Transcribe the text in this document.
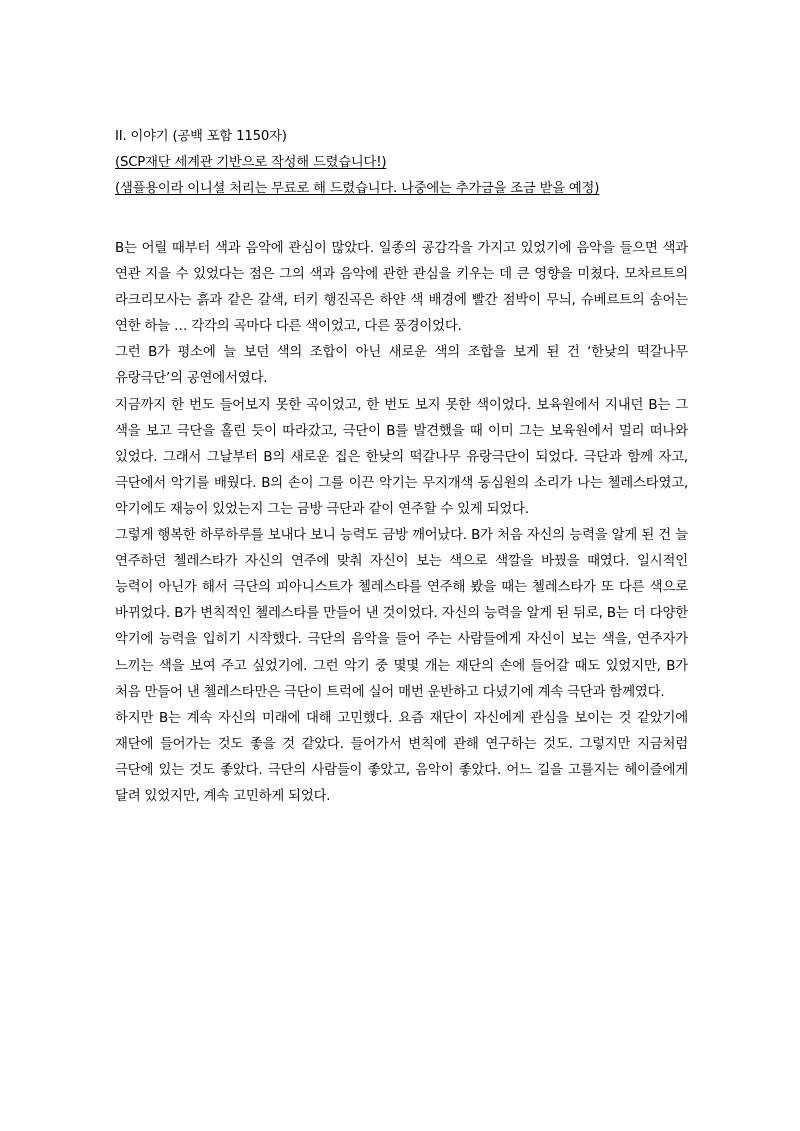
II. 이야기 (공백 포함 1150자)
(SCP재단 세계관 기반으로 작성해 드렸습니다!)
(샘플용이라 이니셜 처리는 무료로 해 드렸습니다. 나중에는 추가금을 조금 받을 예정)

B는 어릴 때부터 색과 음악에 관심이 많았다. 일종의 공감각을 가지고 있었기에 음악을 들으면 색과 연관 지을 수 있었다는 점은 그의 색과 음악에 관한 관심을 키우는 데 큰 영향을 미쳤다. 모차르트의 라크리모사는 흙과 같은 갈색, 터키 행진곡은 하얀 색 배경에 빨간 점박이 무늬, 슈베르트의 송어는 연한 하늘 … 각각의 곡마다 다른 색이었고, 다른 풍경이었다.

그런 B가 평소에 늘 보던 색의 조합이 아닌 새로운 색의 조합을 보게 된 건 ‘한낮의 떡갈나무 유랑극단’의 공연에서였다.

지금까지 한 번도 들어보지 못한 곡이었고, 한 번도 보지 못한 색이었다. 보육원에서 지내던 B는 그 색을 보고 극단을 홀린 듯이 따라갔고, 극단이 B를 발견했을 때 이미 그는 보육원에서 멀리 떠나와 있었다. 그래서 그날부터 B의 새로운 집은 한낮의 떡갈나무 유랑극단이 되었다. 극단과 함께 자고, 극단에서 악기를 배웠다. B의 손이 그를 이끈 악기는 무지개색 동심원의 소리가 나는 첼레스타였고, 악기에도 재능이 있었는지 그는 금방 극단과 같이 연주할 수 있게 되었다.

그렇게 행복한 하루하루를 보내다 보니 능력도 금방 깨어났다. B가 처음 자신의 능력을 알게 된 건 늘 연주하던 첼레스타가 자신의 연주에 맞춰 자신이 보는 색으로 색깔을 바꿨을 때였다. 일시적인 능력이 아닌가 해서 극단의 피아니스트가 첼레스타를 연주해 봤을 때는 첼레스타가 또 다른 색으로 바뀌었다. B가 변칙적인 첼레스타를 만들어 낸 것이었다. 자신의 능력을 알게 된 뒤로, B는 더 다양한 악기에 능력을 입히기 시작했다. 극단의 음악을 들어 주는 사람들에게 자신이 보는 색을, 연주자가 느끼는 색을 보여 주고 싶었기에. 그런 악기 중 몇몇 개는 재단의 손에 들어갈 때도 있었지만, B가 처음 만들어 낸 첼레스타만은 극단이 트럭에 실어 매번 운반하고 다녔기에 계속 극단과 함께였다.

하지만 B는 계속 자신의 미래에 대해 고민했다. 요즘 재단이 자신에게 관심을 보이는 것 같았기에 재단에 들어가는 것도 좋을 것 같았다. 들어가서 변칙에 관해 연구하는 것도. 그렇지만 지금처럼 극단에 있는 것도 좋았다. 극단의 사람들이 좋았고, 음악이 좋았다. 어느 길을 고를지는 헤이즐에게 달려 있었지만, 계속 고민하게 되었다.
